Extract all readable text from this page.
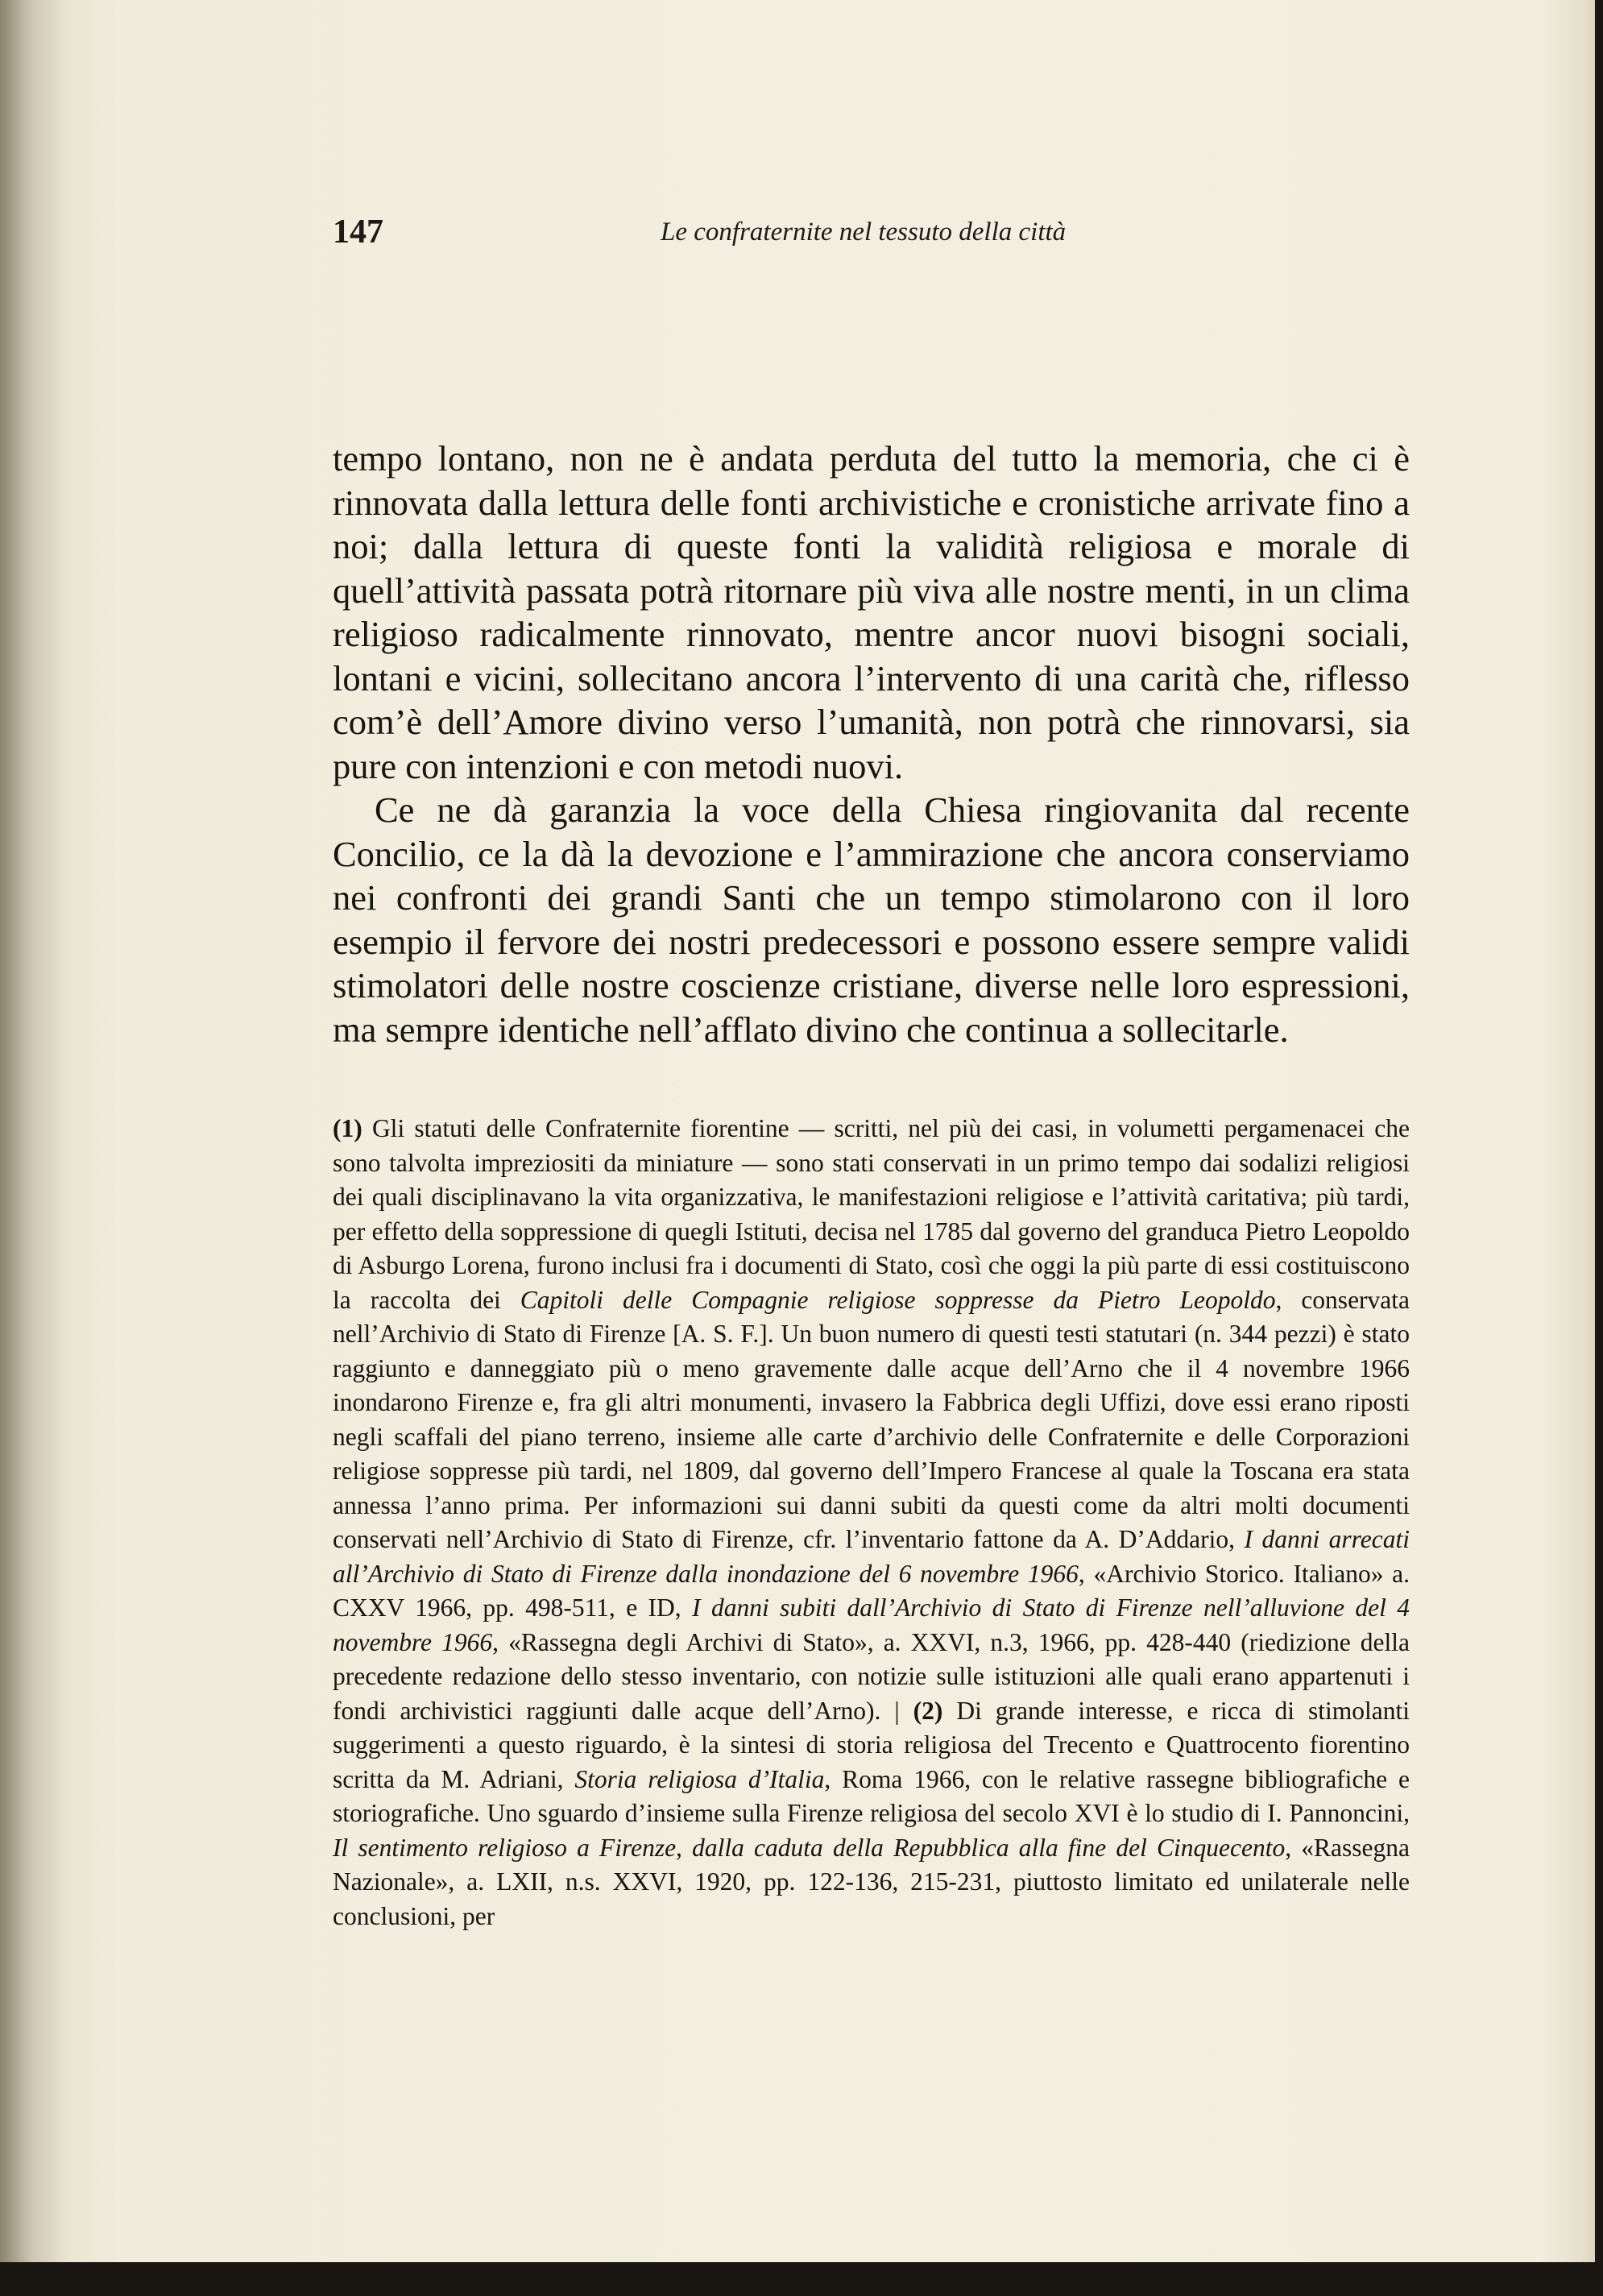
147	Le confraternite nel tessuto della città

tempo lontano, non ne è andata perduta del tutto la memoria, che ci è rinnovata dalla lettura delle fonti archivistiche e cronistiche arrivate fino a noi; dalla lettura di queste fonti la validità religiosa e morale di quell’attività passata potrà ritornare più viva alle nostre menti, in un clima religioso radicalmente rinnovato, mentre ancor nuovi bisogni sociali, lontani e vicini, sollecitano ancora l’intervento di una carità che, riflesso com’è dell’Amore divino verso l’umanità, non potrà che rinnovarsi, sia pure con intenzioni e con metodi nuovi.

Ce ne dà garanzia la voce della Chiesa ringiovanita dal recente Concilio, ce la dà la devozione e l’ammirazione che ancora conserviamo nei confronti dei grandi Santi che un tempo stimolarono con il loro esempio il fervore dei nostri predecessori e possono essere sempre validi stimolatori delle nostre coscienze cristiane, diverse nelle loro espressioni, ma sempre identiche nell’afflato divino che continua a sollecitarle.

(1) Gli statuti delle Confraternite fiorentine — scritti, nel più dei casi, in volumetti pergamenacei che sono talvolta impreziositi da miniature — sono stati conservati in un primo tempo dai sodalizi religiosi dei quali disciplinavano la vita organizzativa, le manifestazioni religiose e l’attività caritativa; più tardi, per effetto della soppressione di quegli Istituti, decisa nel 1785 dal governo del granduca Pietro Leopoldo di Asburgo Lorena, furono inclusi fra i documenti di Stato, così che oggi la più parte di essi costituiscono la raccolta dei Capitoli delle Compagnie religiose soppresse da Pietro Leopoldo, conservata nell’Archivio di Stato di Firenze [A. S. F.]. Un buon numero di questi testi statutari (n. 344 pezzi) è stato raggiunto e danneggiato più o meno gravemente dalle acque dell’Arno che il 4 novembre 1966 inondarono Firenze e, fra gli altri monumenti, invasero la Fabbrica degli Uffizi, dove essi erano riposti negli scaffali del piano terreno, insieme alle carte d’archivio delle Confraternite e delle Corporazioni religiose soppresse più tardi, nel 1809, dal governo dell’Impero Francese al quale la Toscana era stata annessa l’anno prima. Per informazioni sui danni subiti da questi come da altri molti documenti conservati nell’Archivio di Stato di Firenze, cfr. l’inventario fattone da A. D’Addario, I danni arrecati all’Archivio di Stato di Firenze dalla inondazione del 6 novembre 1966, «Archivio Storico. Italiano» a. CXXV 1966, pp. 498-511, e ID, I danni subiti dall’Archivio di Stato di Firenze nell’alluvione del 4 novembre 1966, «Rassegna degli Archivi di Stato», a. XXVI, n.3, 1966, pp. 428-440 (riedizione della precedente redazione dello stesso inventario, con notizie sulle istituzioni alle quali erano appartenuti i fondi archivistici raggiunti dalle acque dell’Arno). | (2) Di grande interesse, e ricca di stimolanti suggerimenti a questo riguardo, è la sintesi di storia religiosa del Trecento e Quattrocento fiorentino scritta da M. Adriani, Storia religiosa d’Italia, Roma 1966, con le relative rassegne bibliografiche e storiografiche. Uno sguardo d’insieme sulla Firenze religiosa del secolo XVI è lo studio di I. Pannoncini, Il sentimento religioso a Firenze, dalla caduta della Repubblica alla fine del Cinquecento, «Rassegna Nazionale», a. LXII, n.s. XXVI, 1920, pp. 122-136, 215-231, piuttosto limitato ed unilaterale nelle conclusioni, per
